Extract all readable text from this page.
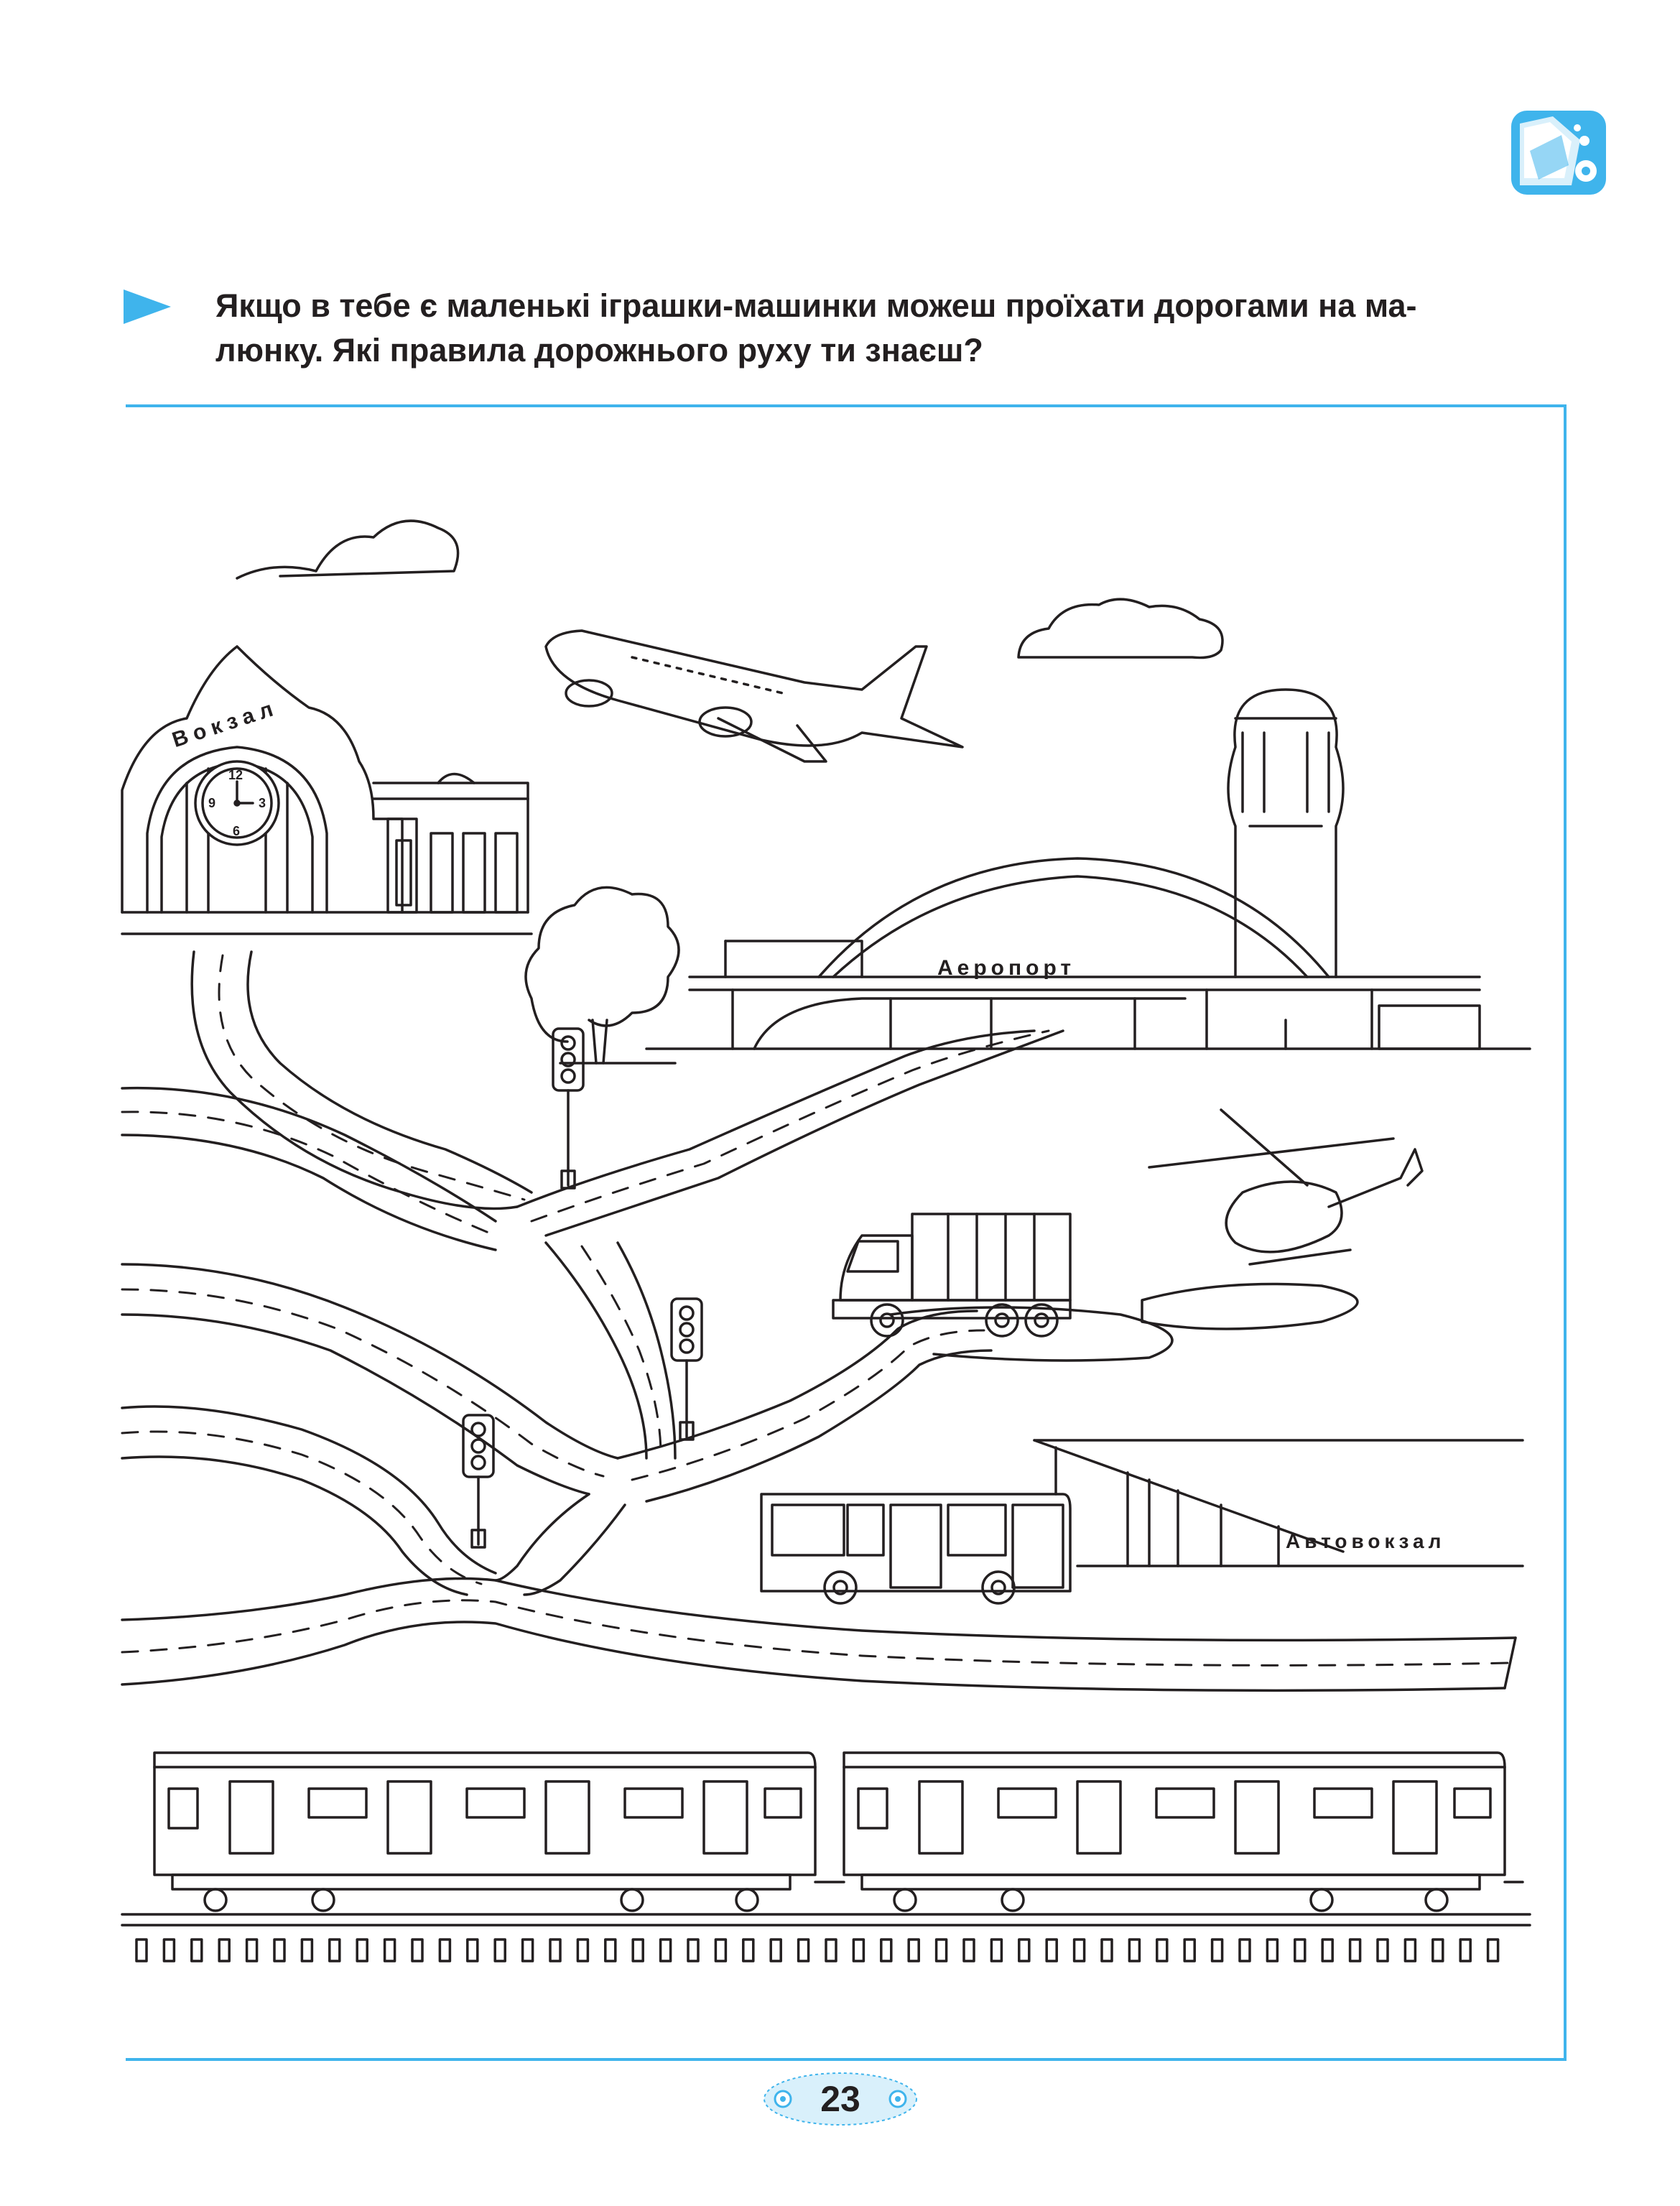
Якщо в тебе є маленькі іграшки-машинки можеш проїхати дорогами на ма-
люнку. Які правила дорожнього руху ти знаєш?
Вокзал
12
3
6
9
Аеропорт
Автовокзал
23
